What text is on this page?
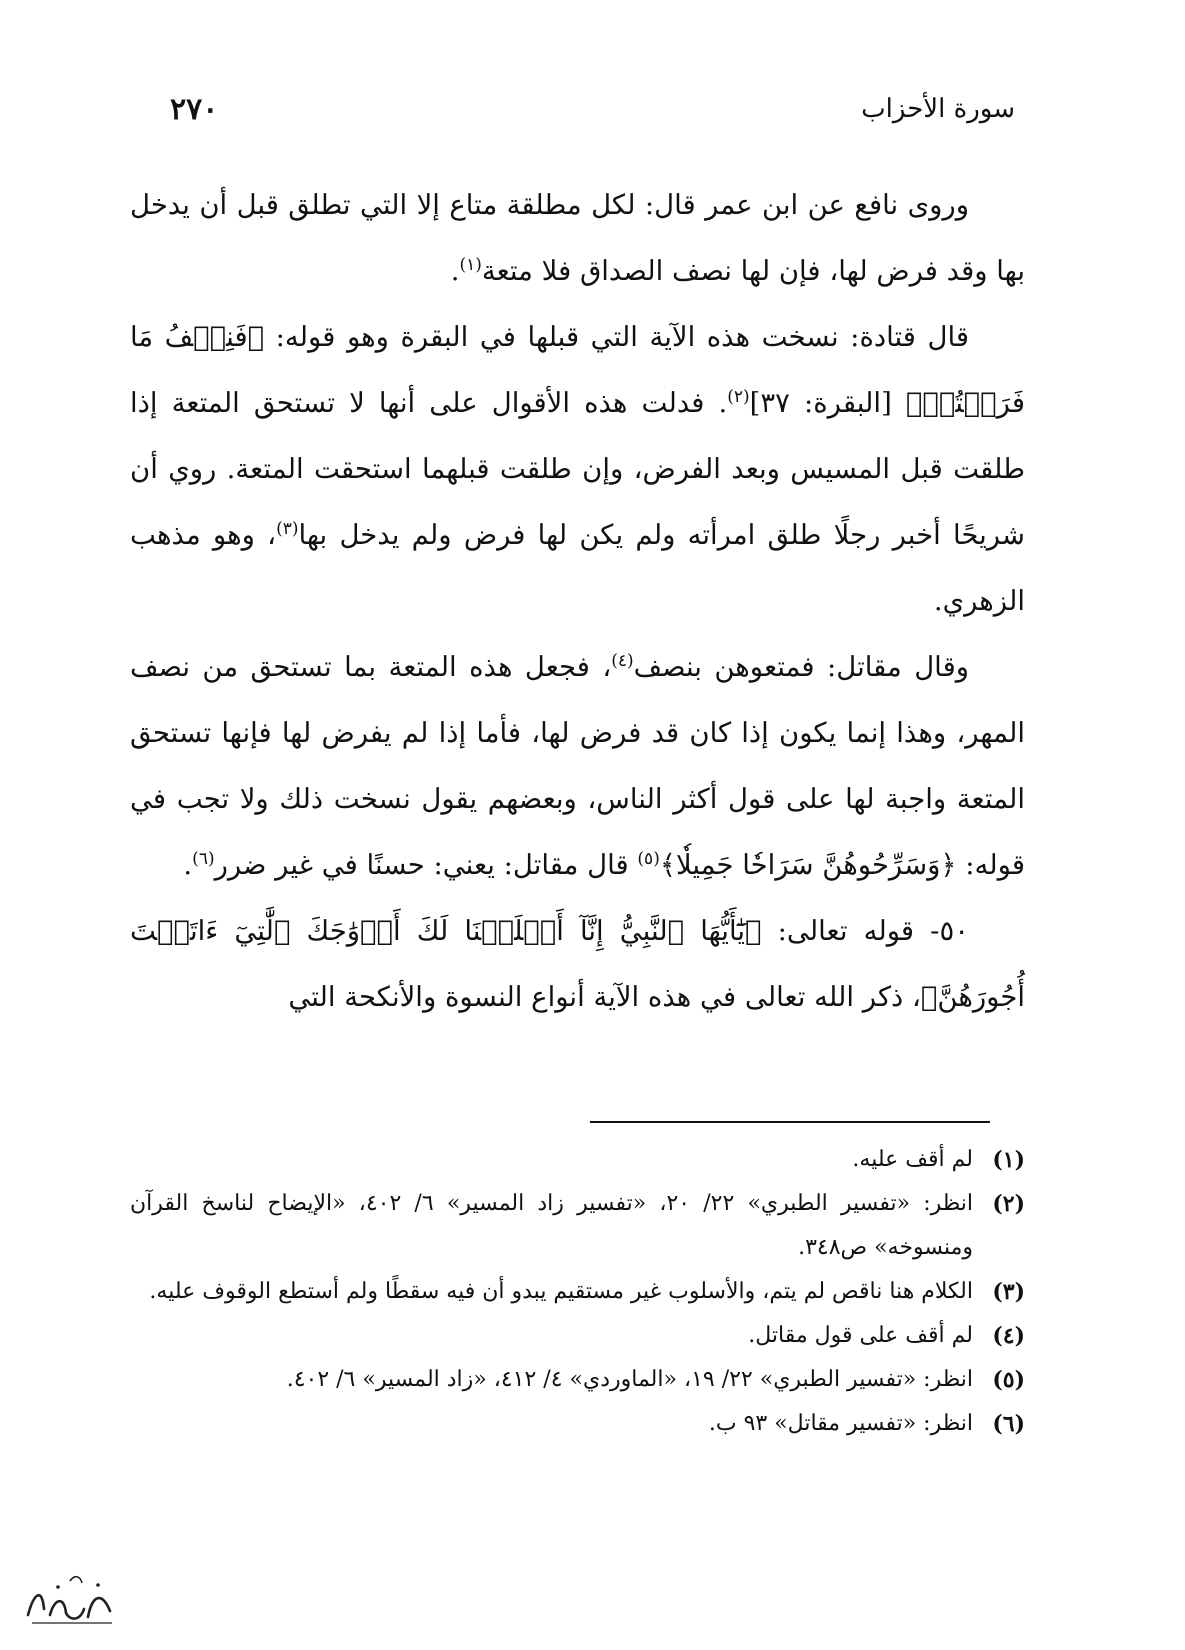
٢٧٠	سورة الأحزاب

وروى نافع عن ابن عمر قال: لكل مطلقة متاع إلا التي تطلق قبل أن يدخل بها وقد فرض لها، فإن لها نصف الصداق فلا متعة$^{(١)}$.

قال قتادة: نسخت هذه الآية التي قبلها في البقرة وهو قوله: ﴿فَنِصۡفُ مَا فَرَضۡتُمۡ﴾ [البقرة: ٣٧]$^{(٢)}$. فدلت هذه الأقوال على أنها لا تستحق المتعة إذا طلقت قبل المسيس وبعد الفرض، وإن طلقت قبلهما استحقت المتعة. روي أن شريحًا أخبر رجلًا طلق امرأته ولم يكن لها فرض ولم يدخل بها$^{(٣)}$، وهو مذهب الزهري.

وقال مقاتل: فمتعوهن بنصف$^{(٤)}$، فجعل هذه المتعة بما تستحق من نصف المهر، وهذا إنما يكون إذا كان قد فرض لها، فأما إذا لم يفرض لها فإنها تستحق المتعة واجبة لها على قول أكثر الناس، وبعضهم يقول نسخت ذلك ولا تجب في قوله: ﴿وَسَرِّحُوهُنَّ سَرَاحٗا جَمِيلٗا﴾$^{(٥)}$ قال مقاتل: يعني: حسنًا في غير ضرر$^{(٦)}$.

٥٠- قوله تعالى: ﴿يَٰٓأَيُّهَا ٱلنَّبِيُّ إِنَّآ أَحۡلَلۡنَا لَكَ أَزۡوَٰجَكَ ٱلَّٰتِيٓ ءَاتَيۡتَ أُجُورَهُنَّ﴾، ذكر الله تعالى في هذه الآية أنواع النسوة والأنكحة التي

(١)
لم أقف عليه.
(٢)
انظر: «تفسير الطبري» ٢٢/ ٢٠، «تفسير زاد المسير» ٦/ ٤٠٢، «الإيضاح لناسخ القرآن ومنسوخه» ص٣٤٨.
(٣)
الكلام هنا ناقص لم يتم، والأسلوب غير مستقيم يبدو أن فيه سقطًا ولم أستطع الوقوف عليه.
(٤)
لم أقف على قول مقاتل.
(٥)
انظر: «تفسير الطبري» ٢٢/ ١٩، «الماوردي» ٤/ ٤١٢، «زاد المسير» ٦/ ٤٠٢.
(٦)
انظر: «تفسير مقاتل» ٩٣ ب.
